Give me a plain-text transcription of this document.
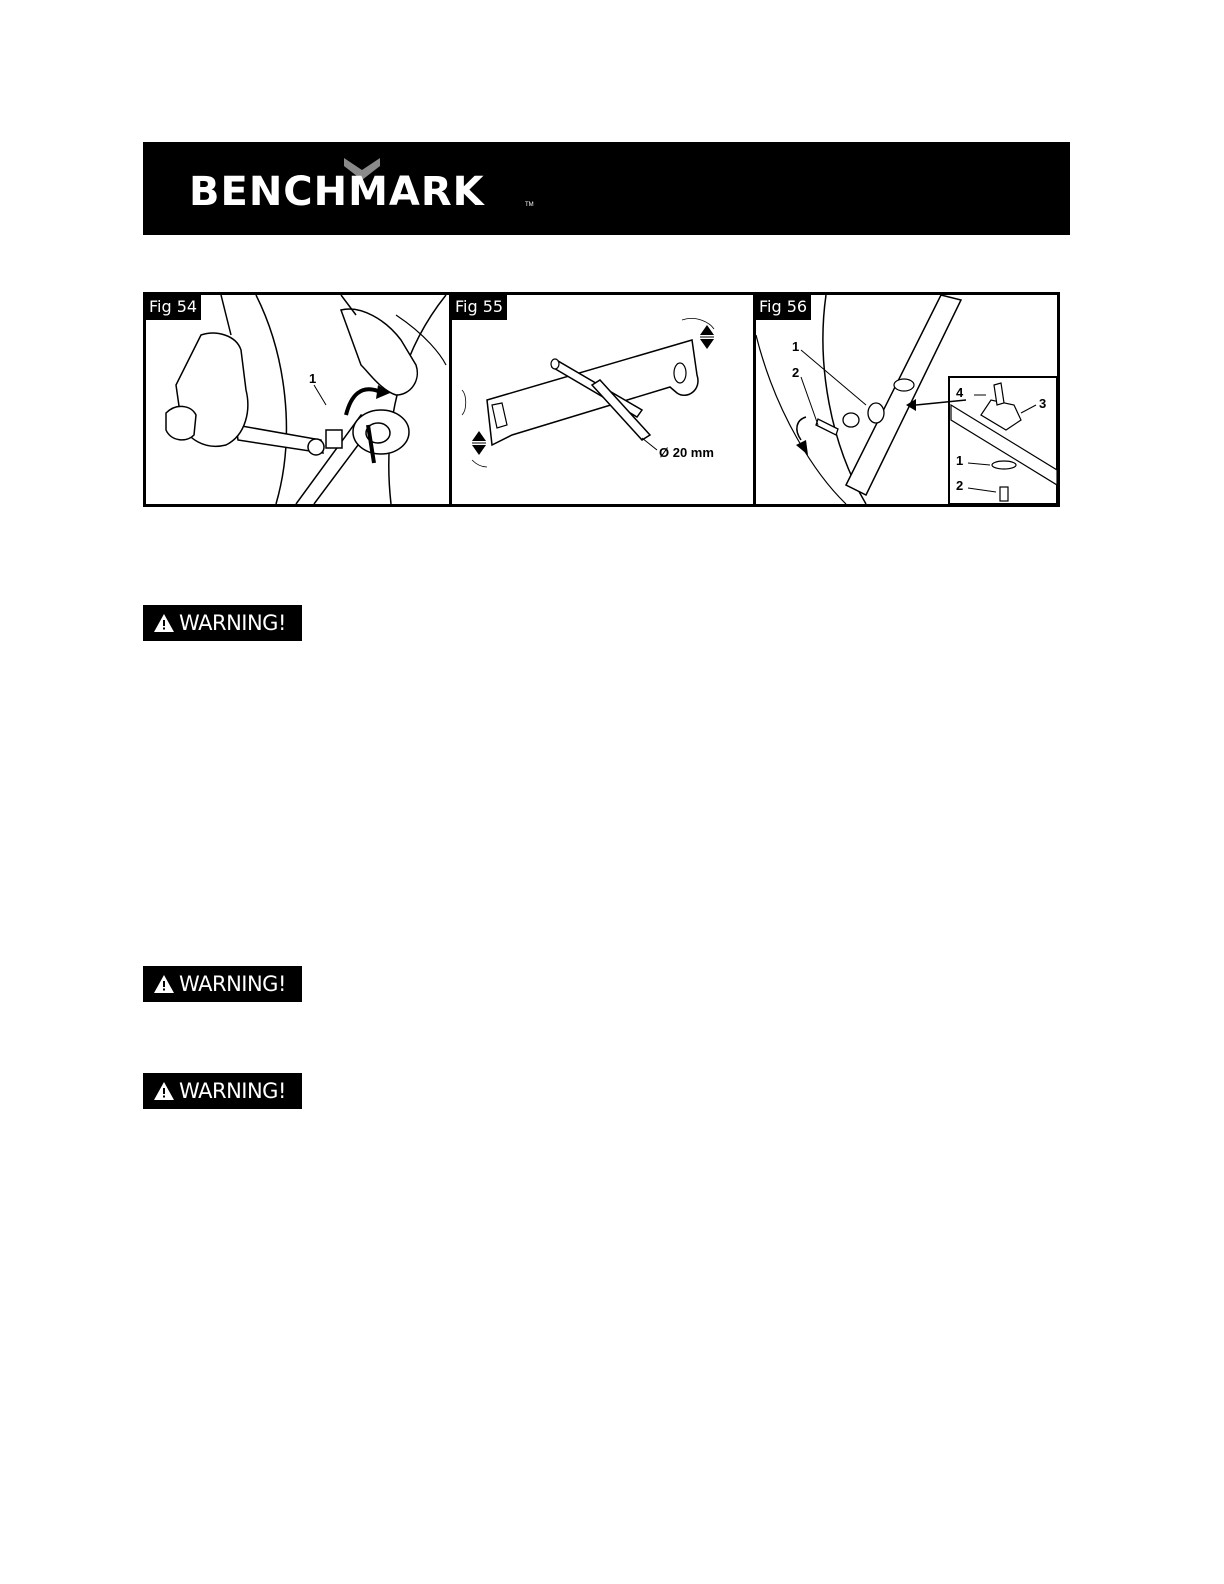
BENCHMARK	TM
1
Fig 54
Ø 20 mm
Fig 55
1
2
4
3
1
2
Fig 56
WARNING!
WARNING!
WARNING!
